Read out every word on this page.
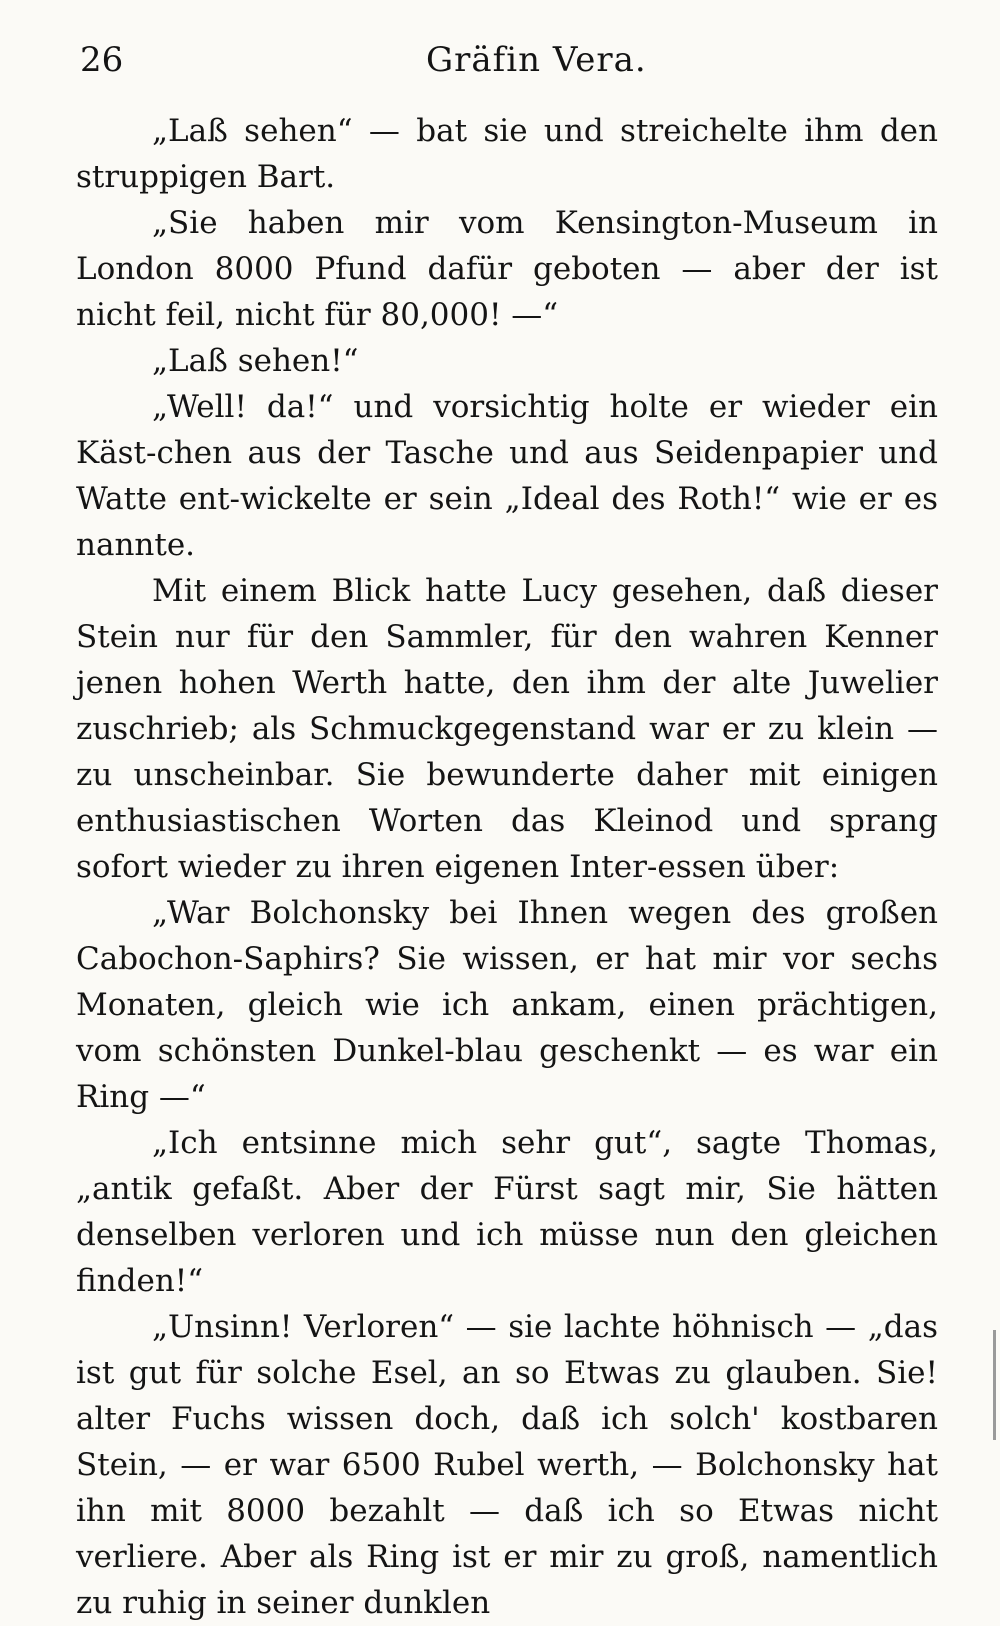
26	Gräfin Vera.

„Laß sehen“ — bat sie und streichelte ihm den struppigen Bart.

„Sie haben mir vom Kensington-Museum in London 8000 Pfund dafür geboten — aber der ist nicht feil, nicht für 80,000! —“

„Laß sehen!“

„Well! da!“ und vorsichtig holte er wieder ein Käst-chen aus der Tasche und aus Seidenpapier und Watte ent-wickelte er sein „Ideal des Roth!“ wie er es nannte.

Mit einem Blick hatte Lucy gesehen, daß dieser Stein nur für den Sammler, für den wahren Kenner jenen hohen Werth hatte, den ihm der alte Juwelier zuschrieb; als Schmuckgegenstand war er zu klein — zu unscheinbar. Sie bewunderte daher mit einigen enthusiastischen Worten das Kleinod und sprang sofort wieder zu ihren eigenen Inter-essen über:

„War Bolchonsky bei Ihnen wegen des großen Cabochon-Saphirs? Sie wissen, er hat mir vor sechs Monaten, gleich wie ich ankam, einen prächtigen, vom schönsten Dunkel-blau geschenkt — es war ein Ring —“

„Ich entsinne mich sehr gut“, sagte Thomas, „antik gefaßt. Aber der Fürst sagt mir, Sie hätten denselben verloren und ich müsse nun den gleichen finden!“

„Unsinn! Verloren“ — sie lachte höhnisch — „das ist gut für solche Esel, an so Etwas zu glauben. Sie! alter Fuchs wissen doch, daß ich solch' kostbaren Stein, — er war 6500 Rubel werth, — Bolchonsky hat ihn mit 8000 bezahlt — daß ich so Etwas nicht verliere. Aber als Ring ist er mir zu groß, namentlich zu ruhig in seiner dunklen
